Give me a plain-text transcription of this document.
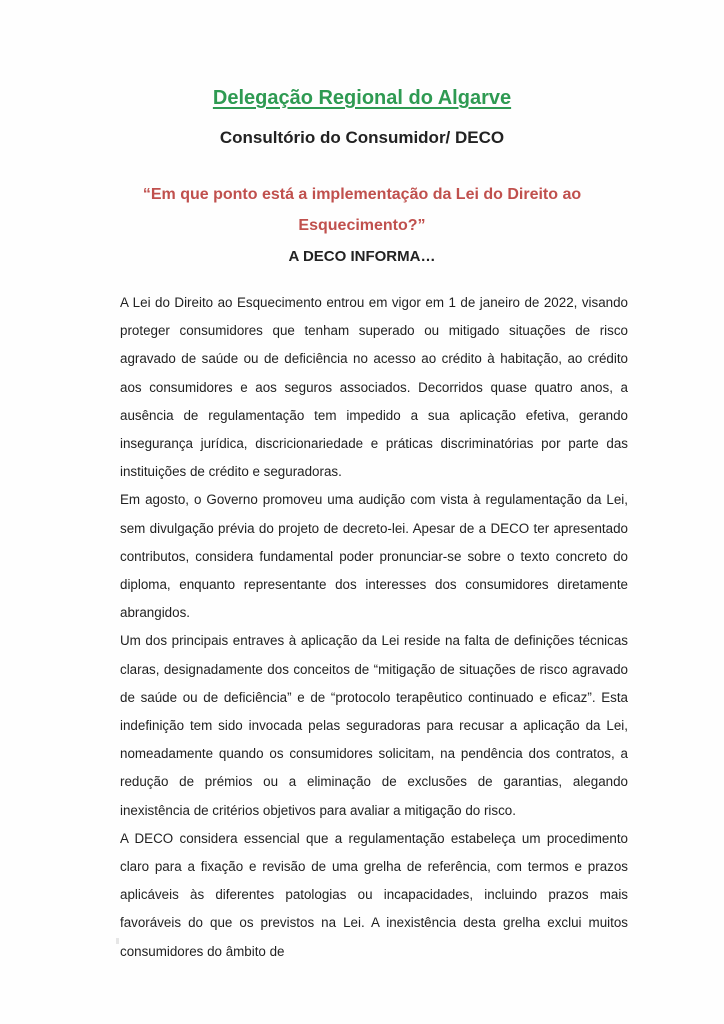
Delegação Regional do Algarve
Consultório do Consumidor/ DECO
“Em que ponto está a implementação da Lei do Direito ao Esquecimento?”
A DECO INFORMA…

A Lei do Direito ao Esquecimento entrou em vigor em 1 de janeiro de 2022, visando proteger consumidores que tenham superado ou mitigado situações de risco agravado de saúde ou de deficiência no acesso ao crédito à habitação, ao crédito aos consumidores e aos seguros associados. Decorridos quase quatro anos, a ausência de regulamentação tem impedido a sua aplicação efetiva, gerando insegurança jurídica, discricionariedade e práticas discriminatórias por parte das instituições de crédito e seguradoras.

Em agosto, o Governo promoveu uma audição com vista à regulamentação da Lei, sem divulgação prévia do projeto de decreto-lei. Apesar de a DECO ter apresentado contributos, considera fundamental poder pronunciar-se sobre o texto concreto do diploma, enquanto representante dos interesses dos consumidores diretamente abrangidos.

Um dos principais entraves à aplicação da Lei reside na falta de definições técnicas claras, designadamente dos conceitos de “mitigação de situações de risco agravado de saúde ou de deficiência” e de “protocolo terapêutico continuado e eficaz”. Esta indefinição tem sido invocada pelas seguradoras para recusar a aplicação da Lei, nomeadamente quando os consumidores solicitam, na pendência dos contratos, a redução de prémios ou a eliminação de exclusões de garantias, alegando inexistência de critérios objetivos para avaliar a mitigação do risco.

A DECO considera essencial que a regulamentação estabeleça um procedimento claro para a fixação e revisão de uma grelha de referência, com termos e prazos aplicáveis às diferentes patologias ou incapacidades, incluindo prazos mais favoráveis do que os previstos na Lei. A inexistência desta grelha exclui muitos consumidores do âmbito de
